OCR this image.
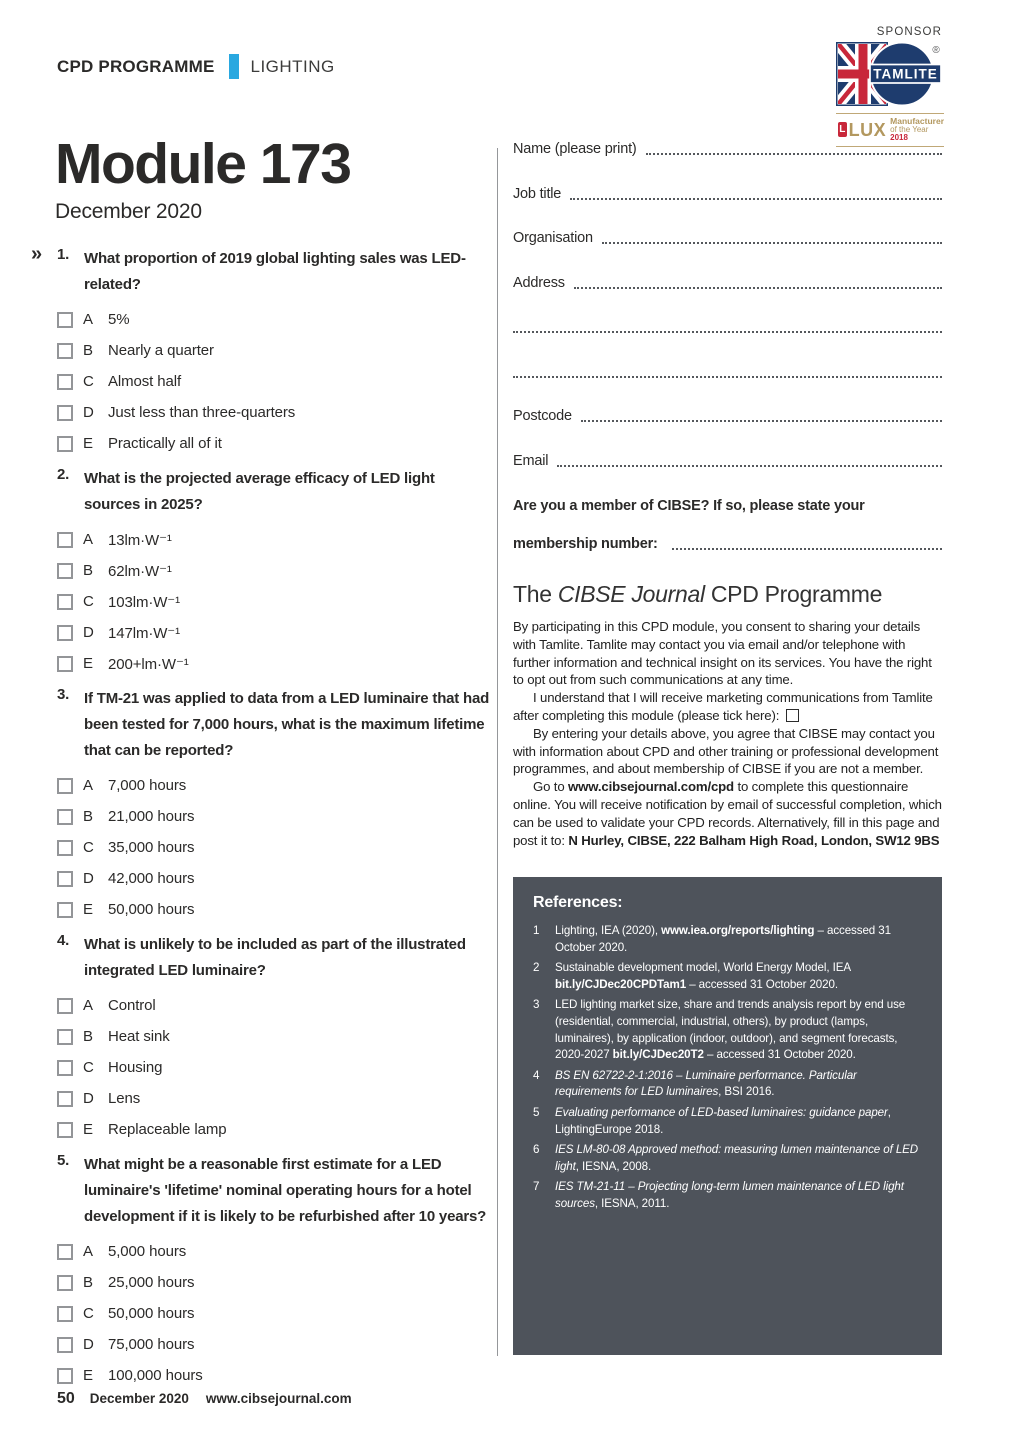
CPD PROGRAMME LIGHTING
SPONSOR
®
TAMLITE
L LUX Manufacturer
of the Year 2018
Module 173
December 2020
» 1. What proportion of 2019 global lighting sales was LED-related?
A 5%
B Nearly a quarter
C Almost half
D Just less than three-quarters
E Practically all of it
2. What is the projected average efficacy of LED light sources in 2025?
A 13lm·W⁻¹
B 62lm·W⁻¹
C 103lm·W⁻¹
D 147lm·W⁻¹
E 200+lm·W⁻¹
3. If TM-21 was applied to data from a LED luminaire that had been tested for 7,000 hours, what is the maximum lifetime that can be reported?
A 7,000 hours
B 21,000 hours
C 35,000 hours
D 42,000 hours
E 50,000 hours
4. What is unlikely to be included as part of the illustrated integrated LED luminaire?
A Control
B Heat sink
C Housing
D Lens
E Replaceable lamp
5. What might be a reasonable first estimate for a LED luminaire's 'lifetime' nominal operating hours for a hotel development if it is likely to be refurbished after 10 years?
A 5,000 hours
B 25,000 hours
C 50,000 hours
D 75,000 hours
E 100,000 hours
Name (please print)
Job title
Organisation
Address
Postcode
Email
Are you a member of CIBSE? If so, please state your
membership number:
The CIBSE Journal CPD Programme

By participating in this CPD module, you consent to sharing your details with Tamlite. Tamlite may contact you via email and/or telephone with further information and technical insight on its services. You have the right to opt out from such communications at any time.

I understand that I will receive marketing communications from Tamlite after completing this module (please tick here):

By entering your details above, you agree that CIBSE may contact you with information about CPD and other training or professional development programmes, and about membership of CIBSE if you are not a member.

Go to www.cibsejournal.com/cpd to complete this questionnaire online. You will receive notification by email of successful completion, which can be used to validate your CPD records. Alternatively, fill in this page and post it to: N Hurley, CIBSE, 222 Balham High Road, London, SW12 9BS

References:
1	Lighting, IEA (2020), www.iea.org/reports/lighting – accessed 31 October 2020.
2	Sustainable development model, World Energy Model, IEA bit.ly/CJDec20CPDTam1 – accessed 31 October 2020.
3	LED lighting market size, share and trends analysis report by end use (residential, commercial, industrial, others), by product (lamps, luminaires), by application (indoor, outdoor), and segment forecasts, 2020-2027 bit.ly/CJDec20T2 – accessed 31 October 2020.
4	BS EN 62722-2-1:2016 – Luminaire performance. Particular requirements for LED luminaires, BSI 2016.
5	Evaluating performance of LED-based luminaires: guidance paper, LightingEurope 2018.
6	IES LM-80-08 Approved method: measuring lumen maintenance of LED light, IESNA, 2008.
7	IES TM-21-11 – Projecting long-term lumen maintenance of LED light sources, IESNA, 2011.
50 December 2020 www.cibsejournal.com
